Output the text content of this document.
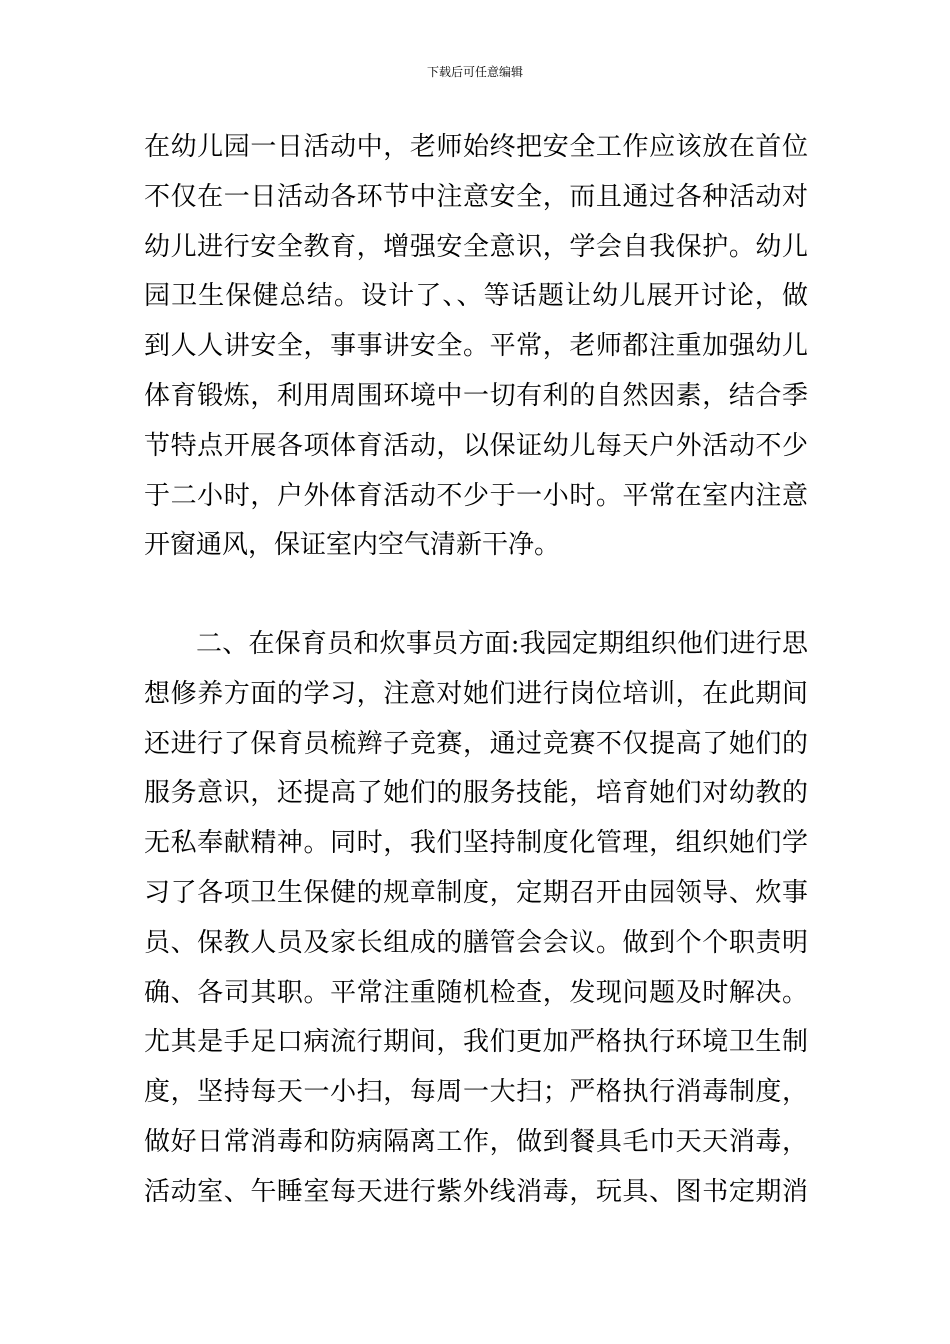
下载后可任意编辑
在幼儿园一日活动中，老师始终把安全工作应该放在首位
不仅在一日活动各环节中注意安全，而且通过各种活动对
幼儿进行安全教育，增强安全意识，学会自我保护。幼儿
园卫生保健总结。设计了、、等话题让幼儿展开讨论，做
到人人讲安全，事事讲安全。平常，老师都注重加强幼儿
体育锻炼，利用周围环境中一切有利的自然因素，结合季
节特点开展各项体育活动，以保证幼儿每天户外活动不少
于二小时，户外体育活动不少于一小时。平常在室内注意
开窗通风，保证室内空气清新干净。
二、在保育员和炊事员方面:我园定期组织他们进行思
想修养方面的学习，注意对她们进行岗位培训，在此期间
还进行了保育员梳辫子竞赛，通过竞赛不仅提高了她们的
服务意识，还提高了她们的服务技能，培育她们对幼教的
无私奉献精神。同时，我们坚持制度化管理，组织她们学
习了各项卫生保健的规章制度，定期召开由园领导、炊事
员、保教人员及家长组成的膳管会会议。做到个个职责明
确、各司其职。平常注重随机检查，发现问题及时解决。
尤其是手足口病流行期间，我们更加严格执行环境卫生制
度，坚持每天一小扫，每周一大扫；严格执行消毒制度，
做好日常消毒和防病隔离工作，做到餐具毛巾天天消毒，
活动室、午睡室每天进行紫外线消毒，玩具、图书定期消
